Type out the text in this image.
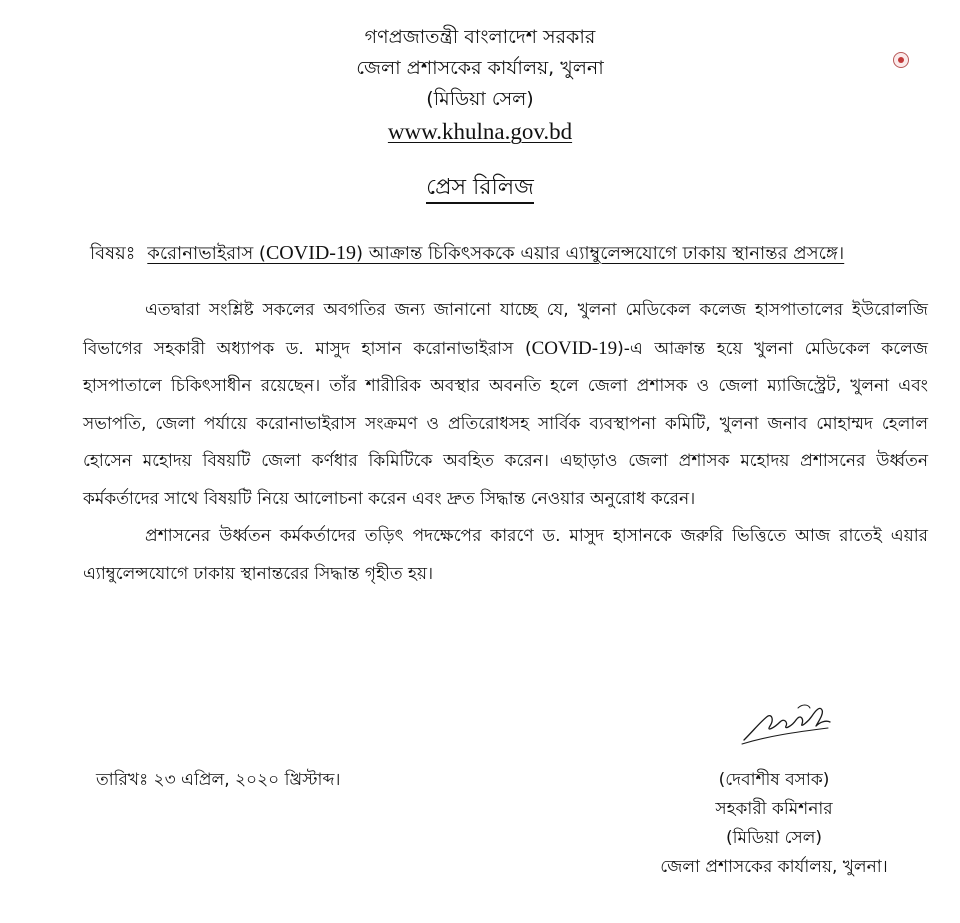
গণপ্রজাতন্ত্রী বাংলাদেশ সরকার
জেলা প্রশাসকের কার্যালয়, খুলনা
(মিডিয়া সেল)
www.khulna.gov.bd
প্রেস রিলিজ
বিষয়ঃ করোনাভাইরাস (COVID-19) আক্রান্ত চিকিৎসককে এয়ার এ্যাম্বুলেন্সযোগে ঢাকায় স্থানান্তর প্রসঙ্গে।

এতদ্বারা সংশ্লিষ্ট সকলের অবগতির জন্য জানানো যাচ্ছে যে, খুলনা মেডিকেল কলেজ হাসপাতালের ইউরোলজি বিভাগের সহকারী অধ্যাপক ড. মাসুদ হাসান করোনাভাইরাস (COVID-19)-এ আক্রান্ত হয়ে খুলনা মেডিকেল কলেজ হাসপাতালে চিকিৎসাধীন রয়েছেন। তাঁর শারীরিক অবস্থার অবনতি হলে জেলা প্রশাসক ও জেলা ম্যাজিস্ট্রেট, খুলনা এবং সভাপতি, জেলা পর্যায়ে করোনাভাইরাস সংক্রমণ ও প্রতিরোধসহ সার্বিক ব্যবস্থাপনা কমিটি, খুলনা জনাব মোহাম্মদ হেলাল হোসেন মহোদয় বিষয়টি জেলা কর্ণধার কিমিটিকে অবহিত করেন। এছাড়াও জেলা প্রশাসক মহোদয় প্রশাসনের উর্ধ্বতন কর্মকর্তাদের সাথে বিষয়টি নিয়ে আলোচনা করেন এবং দ্রুত সিদ্ধান্ত নেওয়ার অনুরোধ করেন।

প্রশাসনের উর্ধ্বতন কর্মকর্তাদের তড়িৎ পদক্ষেপের কারণে ড. মাসুদ হাসানকে জরুরি ভিত্তিতে আজ রাতেই এয়ার এ্যাম্বুলেন্সযোগে ঢাকায় স্থানান্তরের সিদ্ধান্ত গৃহীত হয়।

তারিখঃ ২৩ এপ্রিল, ২০২০ খ্রিস্টাব্দ।	(দেবাশীষ বসাক)
সহকারী কমিশনার
(মিডিয়া সেল)
জেলা প্রশাসকের কার্যালয়, খুলনা।
